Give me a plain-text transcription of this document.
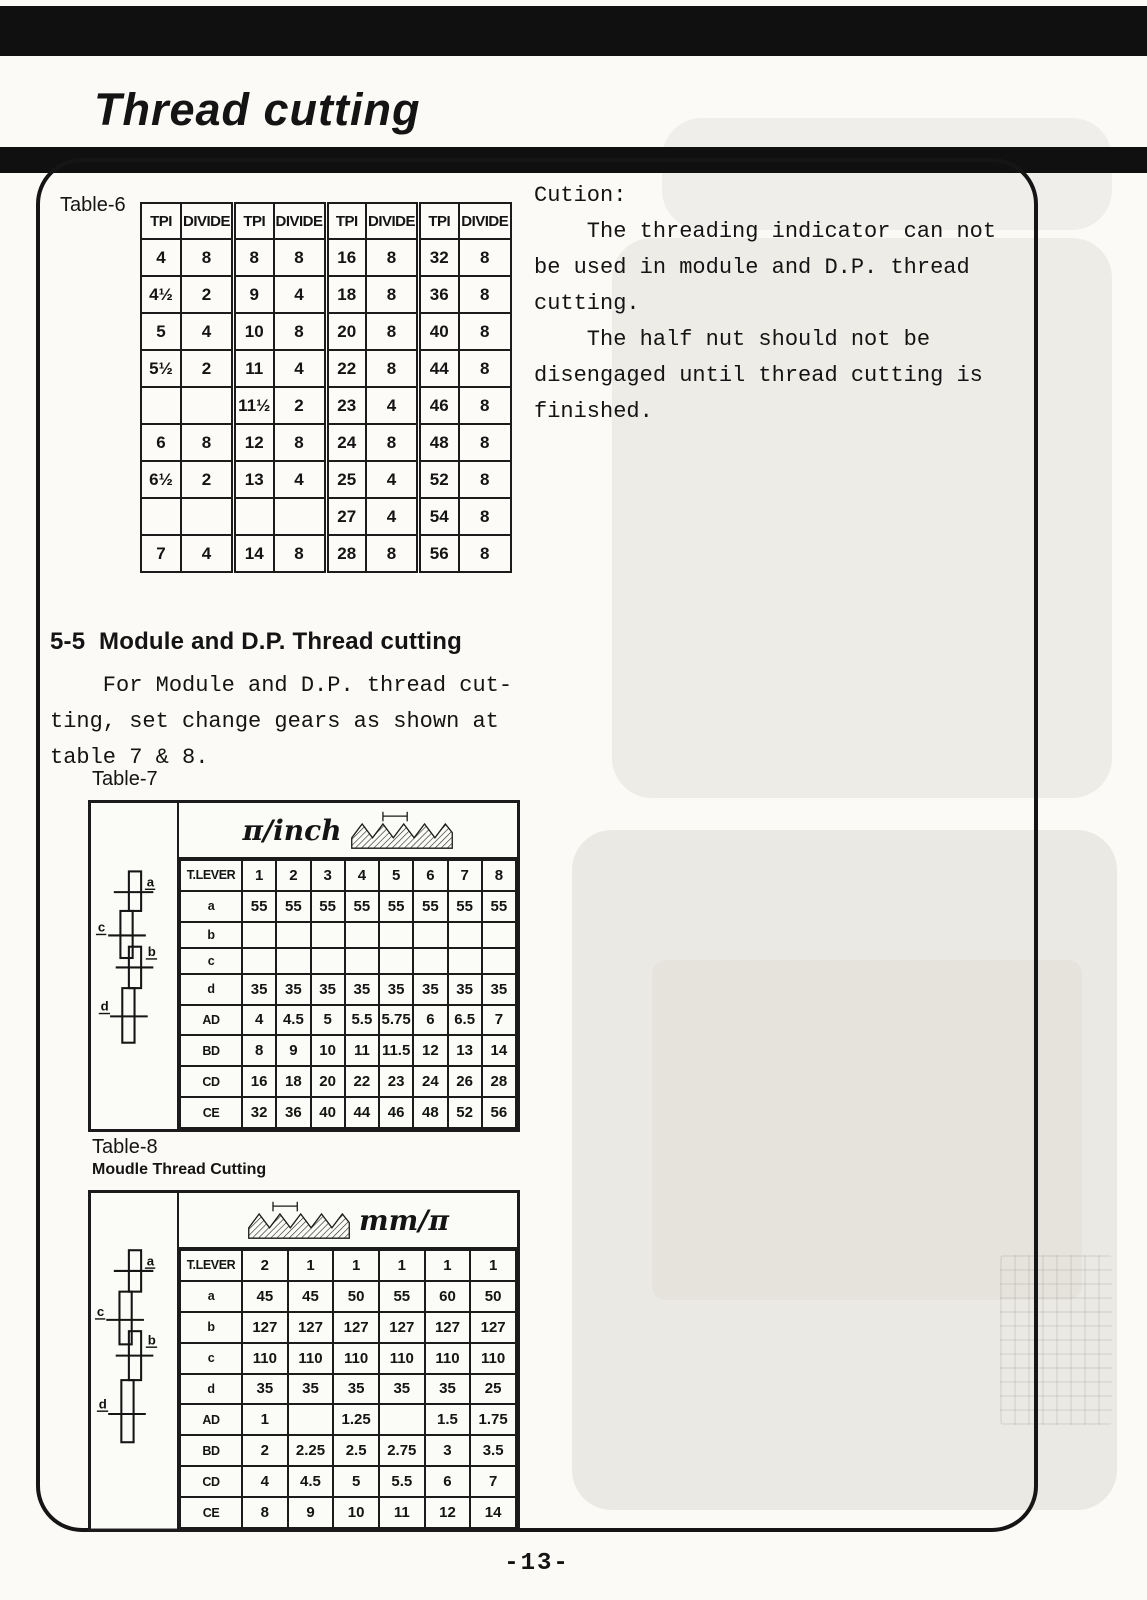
Thread cutting
Table-6
TPI	DIVIDE	TPI	DIVIDE	TPI	DIVIDE	TPI	DIVIDE
4	8	8	8	16	8	32	8
4½	2	9	4	18	8	36	8
5	4	10	8	20	8	40	8
5½	2	11	4	22	8	44	8
		11½	2	23	4	46	8
6	8	12	8	24	8	48	8
6½	2	13	4	25	4	52	8
				27	4	54	8
7	4	14	8	28	8	56	8
Cution:
The threading indicator can not
be used in module and D.P. thread
cutting.
The half nut should not be
disengaged until thread cutting is
finished.
5-5  Module and D.P. Thread cutting
For Module and D.P. thread cut-
ting, set change gears as shown at
table 7 & 8.
Table-7
a
c
b
d
π/inch
T.LEVER	1	2	3	4	5	6	7	8
a	55	55	55	55	55	55	55	55
b								
c								
d	35	35	35	35	35	35	35	35
AD	4	4.5	5	5.5	5.75	6	6.5	7
BD	8	9	10	11	11.5	12	13	14
CD	16	18	20	22	23	24	26	28
CE	32	36	40	44	46	48	52	56
Table-8
Moudle Thread Cutting
a
c
b
d
mm/π
T.LEVER	2	1	1	1	1	1
a	45	45	50	55	60	50
b	127	127	127	127	127	127
c	110	110	110	110	110	110
d	35	35	35	35	35	25
AD	1		1.25		1.5	1.75
BD	2	2.25	2.5	2.75	3	3.5
CD	4	4.5	5	5.5	6	7
CE	8	9	10	11	12	14
-13-
